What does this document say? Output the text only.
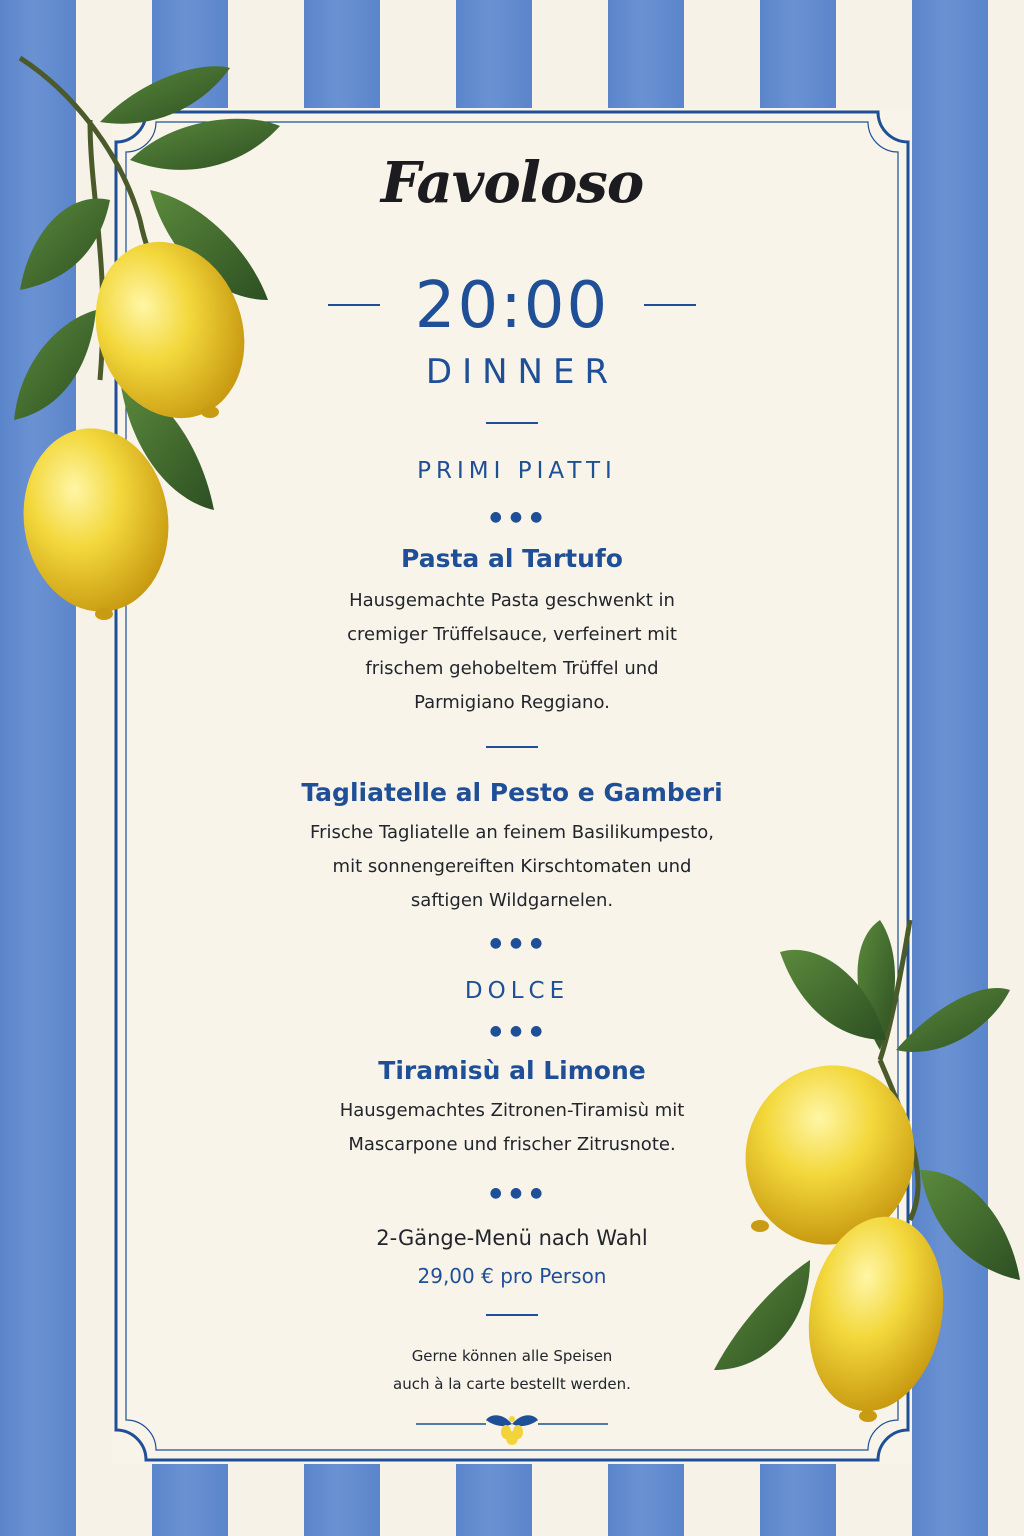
Favoloso
20:00
DINNER
PRIMI PIATTI
●●●
Pasta al Tartufo
Hausgemachte Pasta geschwenkt in
cremiger Trüffelsauce, verfeinert mit
frischem gehobeltem Trüffel und
Parmigiano Reggiano.
Tagliatelle al Pesto e Gamberi
Frische Tagliatelle an feinem Basilikumpesto,
mit sonnengereiften Kirschtomaten und
saftigen Wildgarnelen.
●●●
DOLCE
●●●
Tiramisù al Limone
Hausgemachtes Zitronen-Tiramisù mit
Mascarpone und frischer Zitrusnote.
●●●
2-Gänge-Menü nach Wahl
29,00 € pro Person
Gerne können alle Speisen
auch à la carte bestellt werden.
